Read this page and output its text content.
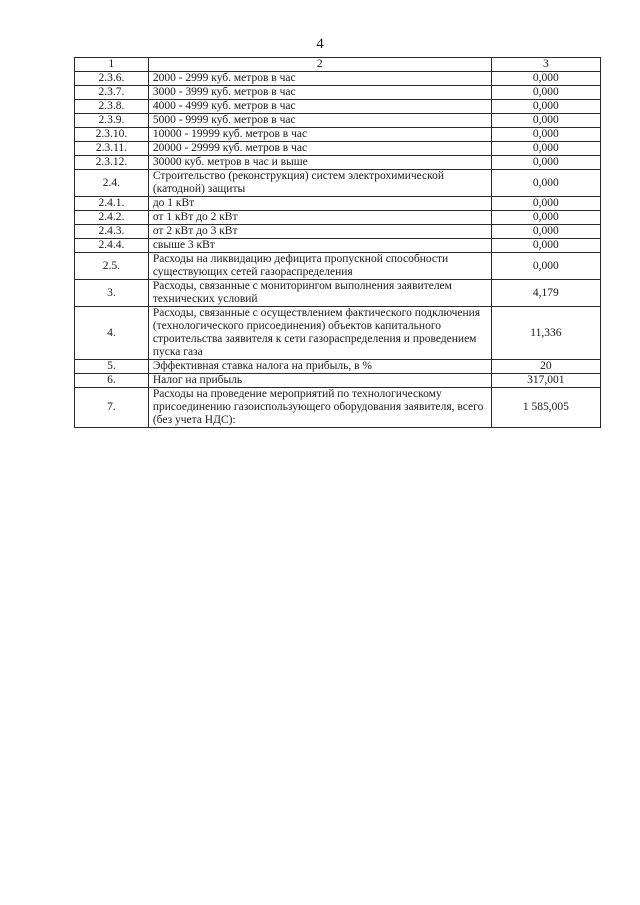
4
1	2	3
2.3.6.	2000 - 2999 куб. метров в час	0,000
2.3.7.	3000 - 3999 куб. метров в час	0,000
2.3.8.	4000 - 4999 куб. метров в час	0,000
2.3.9.	5000 - 9999 куб. метров в час	0,000
2.3.10.	10000 - 19999 куб. метров в час	0,000
2.3.11.	20000 - 29999 куб. метров в час	0,000
2.3.12.	30000 куб. метров в час и выше	0,000
2.4.	Строительство (реконструкция) систем электрохимической (катодной) защиты	0,000
2.4.1.	до 1 кВт	0,000
2.4.2.	от 1 кВт до 2 кВт	0,000
2.4.3.	от 2 кВт до 3 кВт	0,000
2.4.4.	свыше 3 кВт	0,000
2.5.	Расходы на ликвидацию дефицита пропускной способности существующих сетей газораспределения	0,000
3.	Расходы, связанные с мониторингом выполнения заявителем технических условий	4,179
4.	Расходы, связанные с осуществлением фактического подключения (технологического присоединения) объектов капитального строительства заявителя к сети газораспределения и проведением пуска газа	11,336
5.	Эффективная ставка налога на прибыль, в %	20
6.	Налог на прибыль	317,001
7.	Расходы на проведение мероприятий по технологическому присоединению газоиспользующего оборудования заявителя, всего (без учета НДС):	1 585,005
